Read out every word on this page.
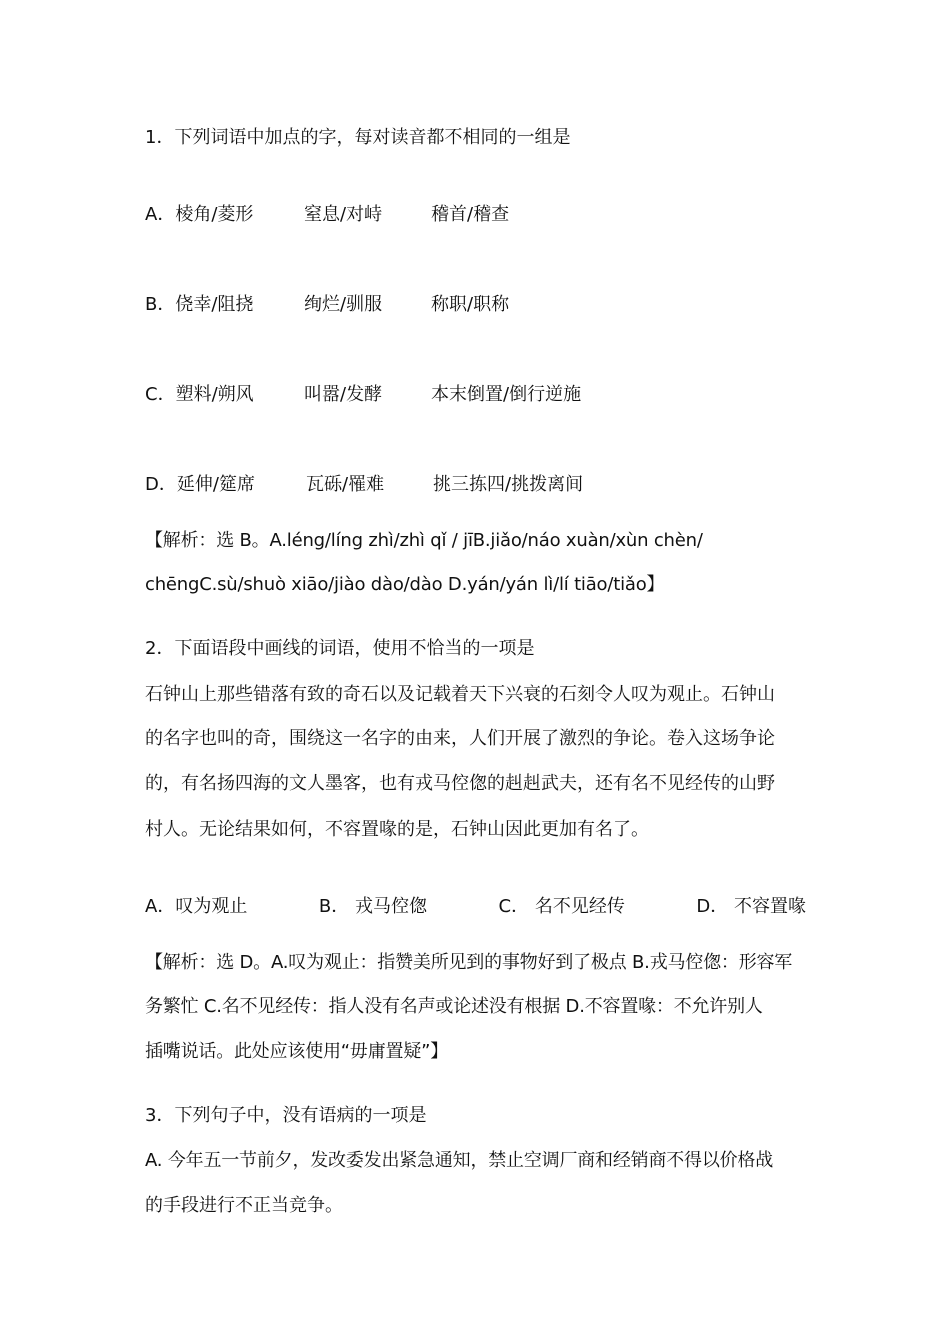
1．下列词语中加点的字，每对读音都不相同的一组是
A．棱角/菱形	窒息/对峙	稽首/稽查
B．侥幸/阻挠	绚烂/驯服	称职/职称
C．塑料/朔风	叫嚣/发酵	本末倒置/倒行逆施
D．延伸/筵席	瓦砾/罹难	挑三拣四/挑拨离间
【解析：选 B。A.léng/líng zhì/zhì qǐ / jīB.jiǎo/náo xuàn/xùn chèn/
chēngC.sù/shuò xiāo/jiào dào/dào D.yán/yán lì/lí tiāo/tiǎo】
2．下面语段中画线的词语，使用不恰当的一项是
石钟山上那些错落有致的奇石以及记载着天下兴衰的石刻令人叹为观止。石钟山
的名字也叫的奇，围绕这一名字的由来，人们开展了激烈的争论。卷入这场争论
的，有名扬四海的文人墨客，也有戎马倥偬的赳赳武夫，还有名不见经传的山野
村人。无论结果如何，不容置喙的是，石钟山因此更加有名了。
A．叹为观止	B． 戎马倥偬	C． 名不见经传	D． 不容置喙
【解析：选 D。A.叹为观止：指赞美所见到的事物好到了极点 B.戎马倥偬：形容军
务繁忙 C.名不见经传：指人没有名声或论述没有根据 D.不容置喙：不允许别人
插嘴说话。此处应该使用“毋庸置疑”】
3．下列句子中，没有语病的一项是
A. 今年五一节前夕，发改委发出紧急通知，禁止空调厂商和经销商不得以价格战
的手段进行不正当竞争。
